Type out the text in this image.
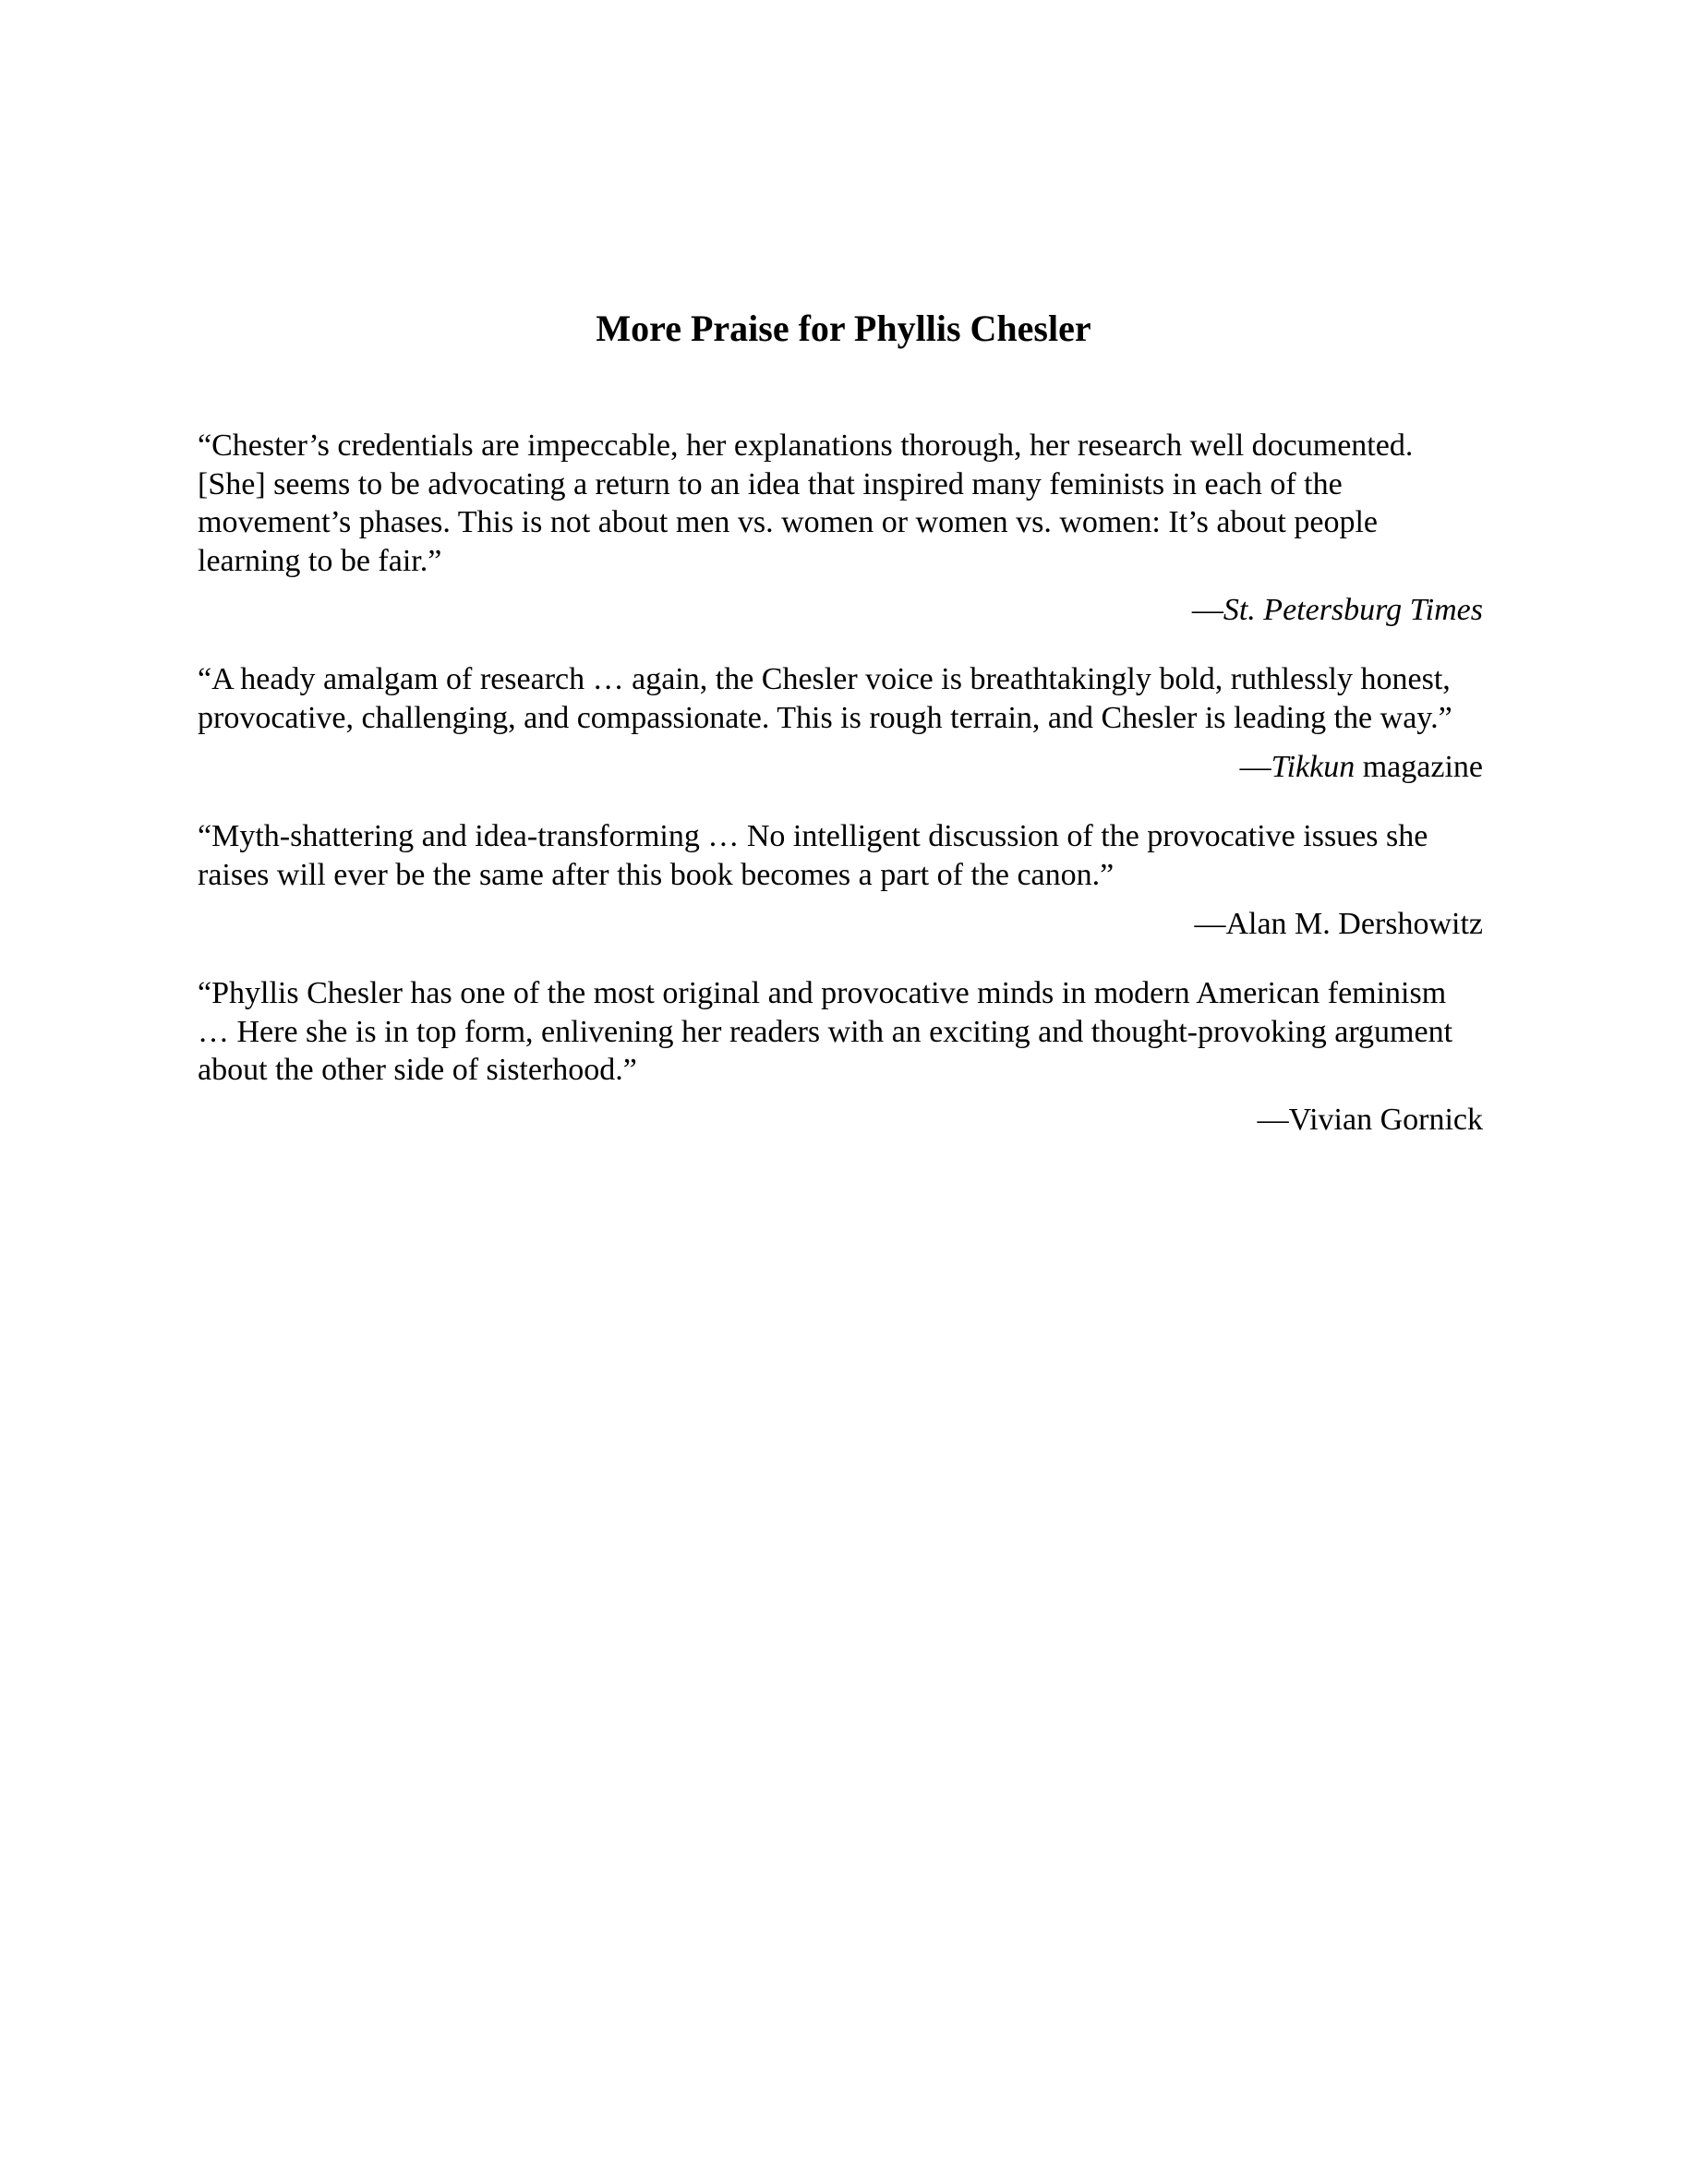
More Praise for Phyllis Chesler

“Chester’s credentials are impeccable, her explanations thorough, her research well documented. [She] seems to be advocating a return to an idea that inspired many feminists in each of the movement’s phases. This is not about men vs. women or women vs. women: It’s about people learning to be fair.”

—St. Petersburg Times

“A heady amalgam of research … again, the Chesler voice is breathtakingly bold, ruthlessly honest, provocative, challenging, and compassionate. This is rough terrain, and Chesler is leading the way.”

—Tikkun magazine

“Myth-shattering and idea-transforming … No intelligent discussion of the provocative issues she raises will ever be the same after this book becomes a part of the canon.”

—Alan M. Dershowitz

“Phyllis Chesler has one of the most original and provocative minds in modern American feminism … Here she is in top form, enlivening her readers with an exciting and thought-provoking argument about the other side of sisterhood.”

—Vivian Gornick
